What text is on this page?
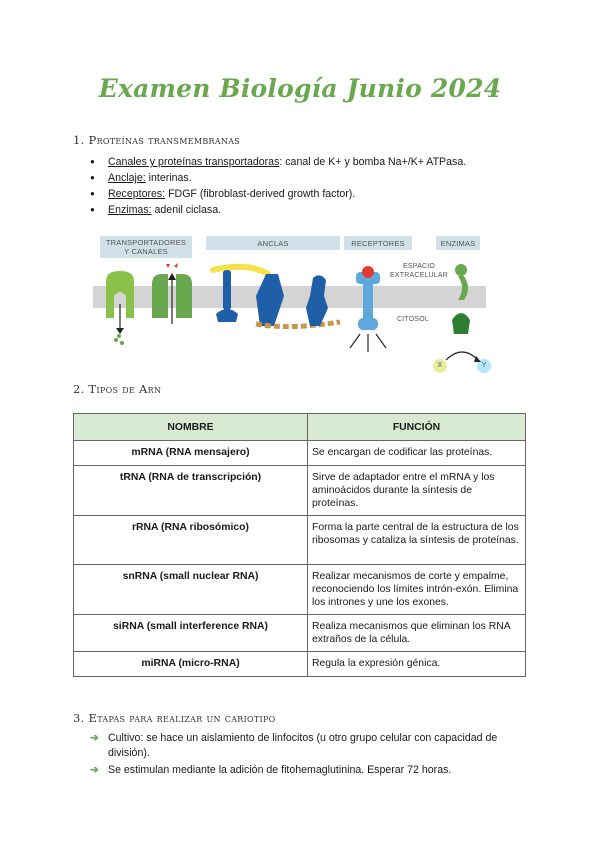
Examen Biología Junio 2024
1. Proteínas transmembranas
● Canales y proteínas transportadoras: canal de K+ y bomba Na+/K+ ATPasa.
● Anclaje: interinas.
● Receptores: FDGF (fibroblast-derived growth factor).
● Enzimas: adenil ciclasa.
TRANSPORTADORES
Y CANALES
ANCLAS	RECEPTORES	ENZIMAS
ESPACIO
EXTRACELULAR
CITOSOL
X	Y
2. Tipos de Arn
NOMBRE	FUNCIÓN
mRNA (RNA mensajero)	Se encargan de codificar las proteínas.
tRNA (RNA de transcripción)	Sirve de adaptador entre el mRNA y los aminoácidos durante la síntesis de proteínas.
rRNA (RNA ribosómico)	Forma la parte central de la estructura de los ribosomas y cataliza la síntesis de proteínas.
snRNA (small nuclear RNA)	Realizar mecanismos de corte y empalme, reconociendo los límites intrón-exón. Elimina los intrones y une los exones.
siRNA (small interference RNA)	Realiza mecanismos que eliminan los RNA extraños de la célula.
miRNA (micro-RNA)	Regula la expresión génica.
3. Etapas para realizar un cariotipo
➔ Cultivo: se hace un aislamiento de linfocitos (u otro grupo celular con capacidad de división).
➔ Se estimulan mediante la adición de fitohemaglutinina. Esperar 72 horas.
